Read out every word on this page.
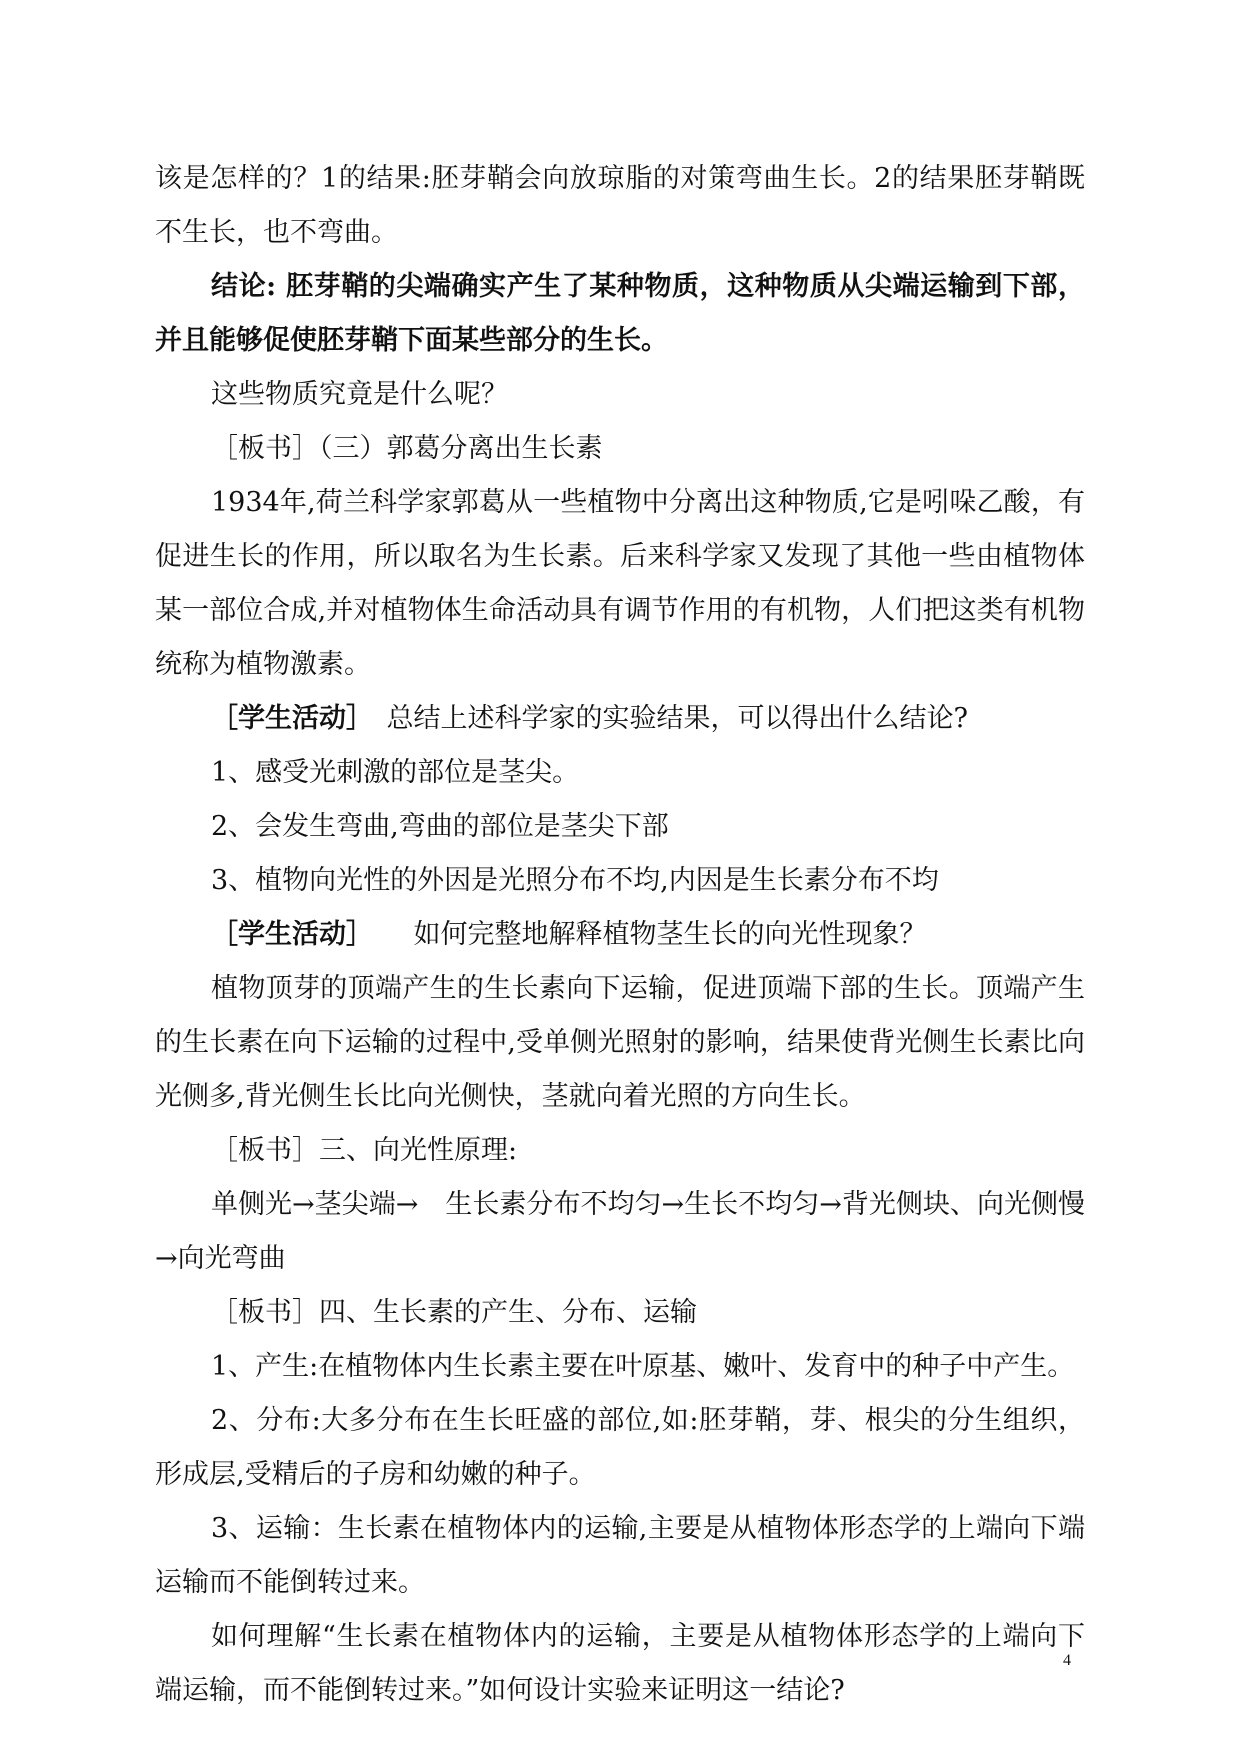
该是怎样的？1的结果:胚芽鞘会向放琼脂的对策弯曲生长。2的结果胚芽鞘既不生长，也不弯曲。

结论: 胚芽鞘的尖端确实产生了某种物质，这种物质从尖端运输到下部，并且能够促使胚芽鞘下面某些部分的生长。

这些物质究竟是什么呢？

［板书］（三）郭葛分离出生长素

1934年,荷兰科学家郭葛从一些植物中分离出这种物质,它是吲哚乙酸，有促进生长的作用，所以取名为生长素。后来科学家又发现了其他一些由植物体某一部位合成,并对植物体生命活动具有调节作用的有机物，人们把这类有机物统称为植物激素。

［学生活动］　总结上述科学家的实验结果，可以得出什么结论?

1、感受光刺激的部位是茎尖。

2、会发生弯曲,弯曲的部位是茎尖下部

3、植物向光性的外因是光照分布不均,内因是生长素分布不均

［学生活动］　　如何完整地解释植物茎生长的向光性现象？

植物顶芽的顶端产生的生长素向下运输，促进顶端下部的生长。顶端产生的生长素在向下运输的过程中,受单侧光照射的影响，结果使背光侧生长素比向光侧多,背光侧生长比向光侧快，茎就向着光照的方向生长。

［板书］三、向光性原理:

单侧光→茎尖端→　生长素分布不均匀→生长不均匀→背光侧块、向光侧慢→向光弯曲

［板书］四、生长素的产生、分布、运输

1、产生:在植物体内生长素主要在叶原基、嫩叶、发育中的种子中产生。

2、分布:大多分布在生长旺盛的部位,如:胚芽鞘，芽、根尖的分生组织，形成层,受精后的子房和幼嫩的种子。

3、运输：生长素在植物体内的运输,主要是从植物体形态学的上端向下端运输而不能倒转过来。

如何理解“生长素在植物体内的运输，主要是从植物体形态学的上端向下端运输，而不能倒转过来。”如何设计实验来证明这一结论?

4
